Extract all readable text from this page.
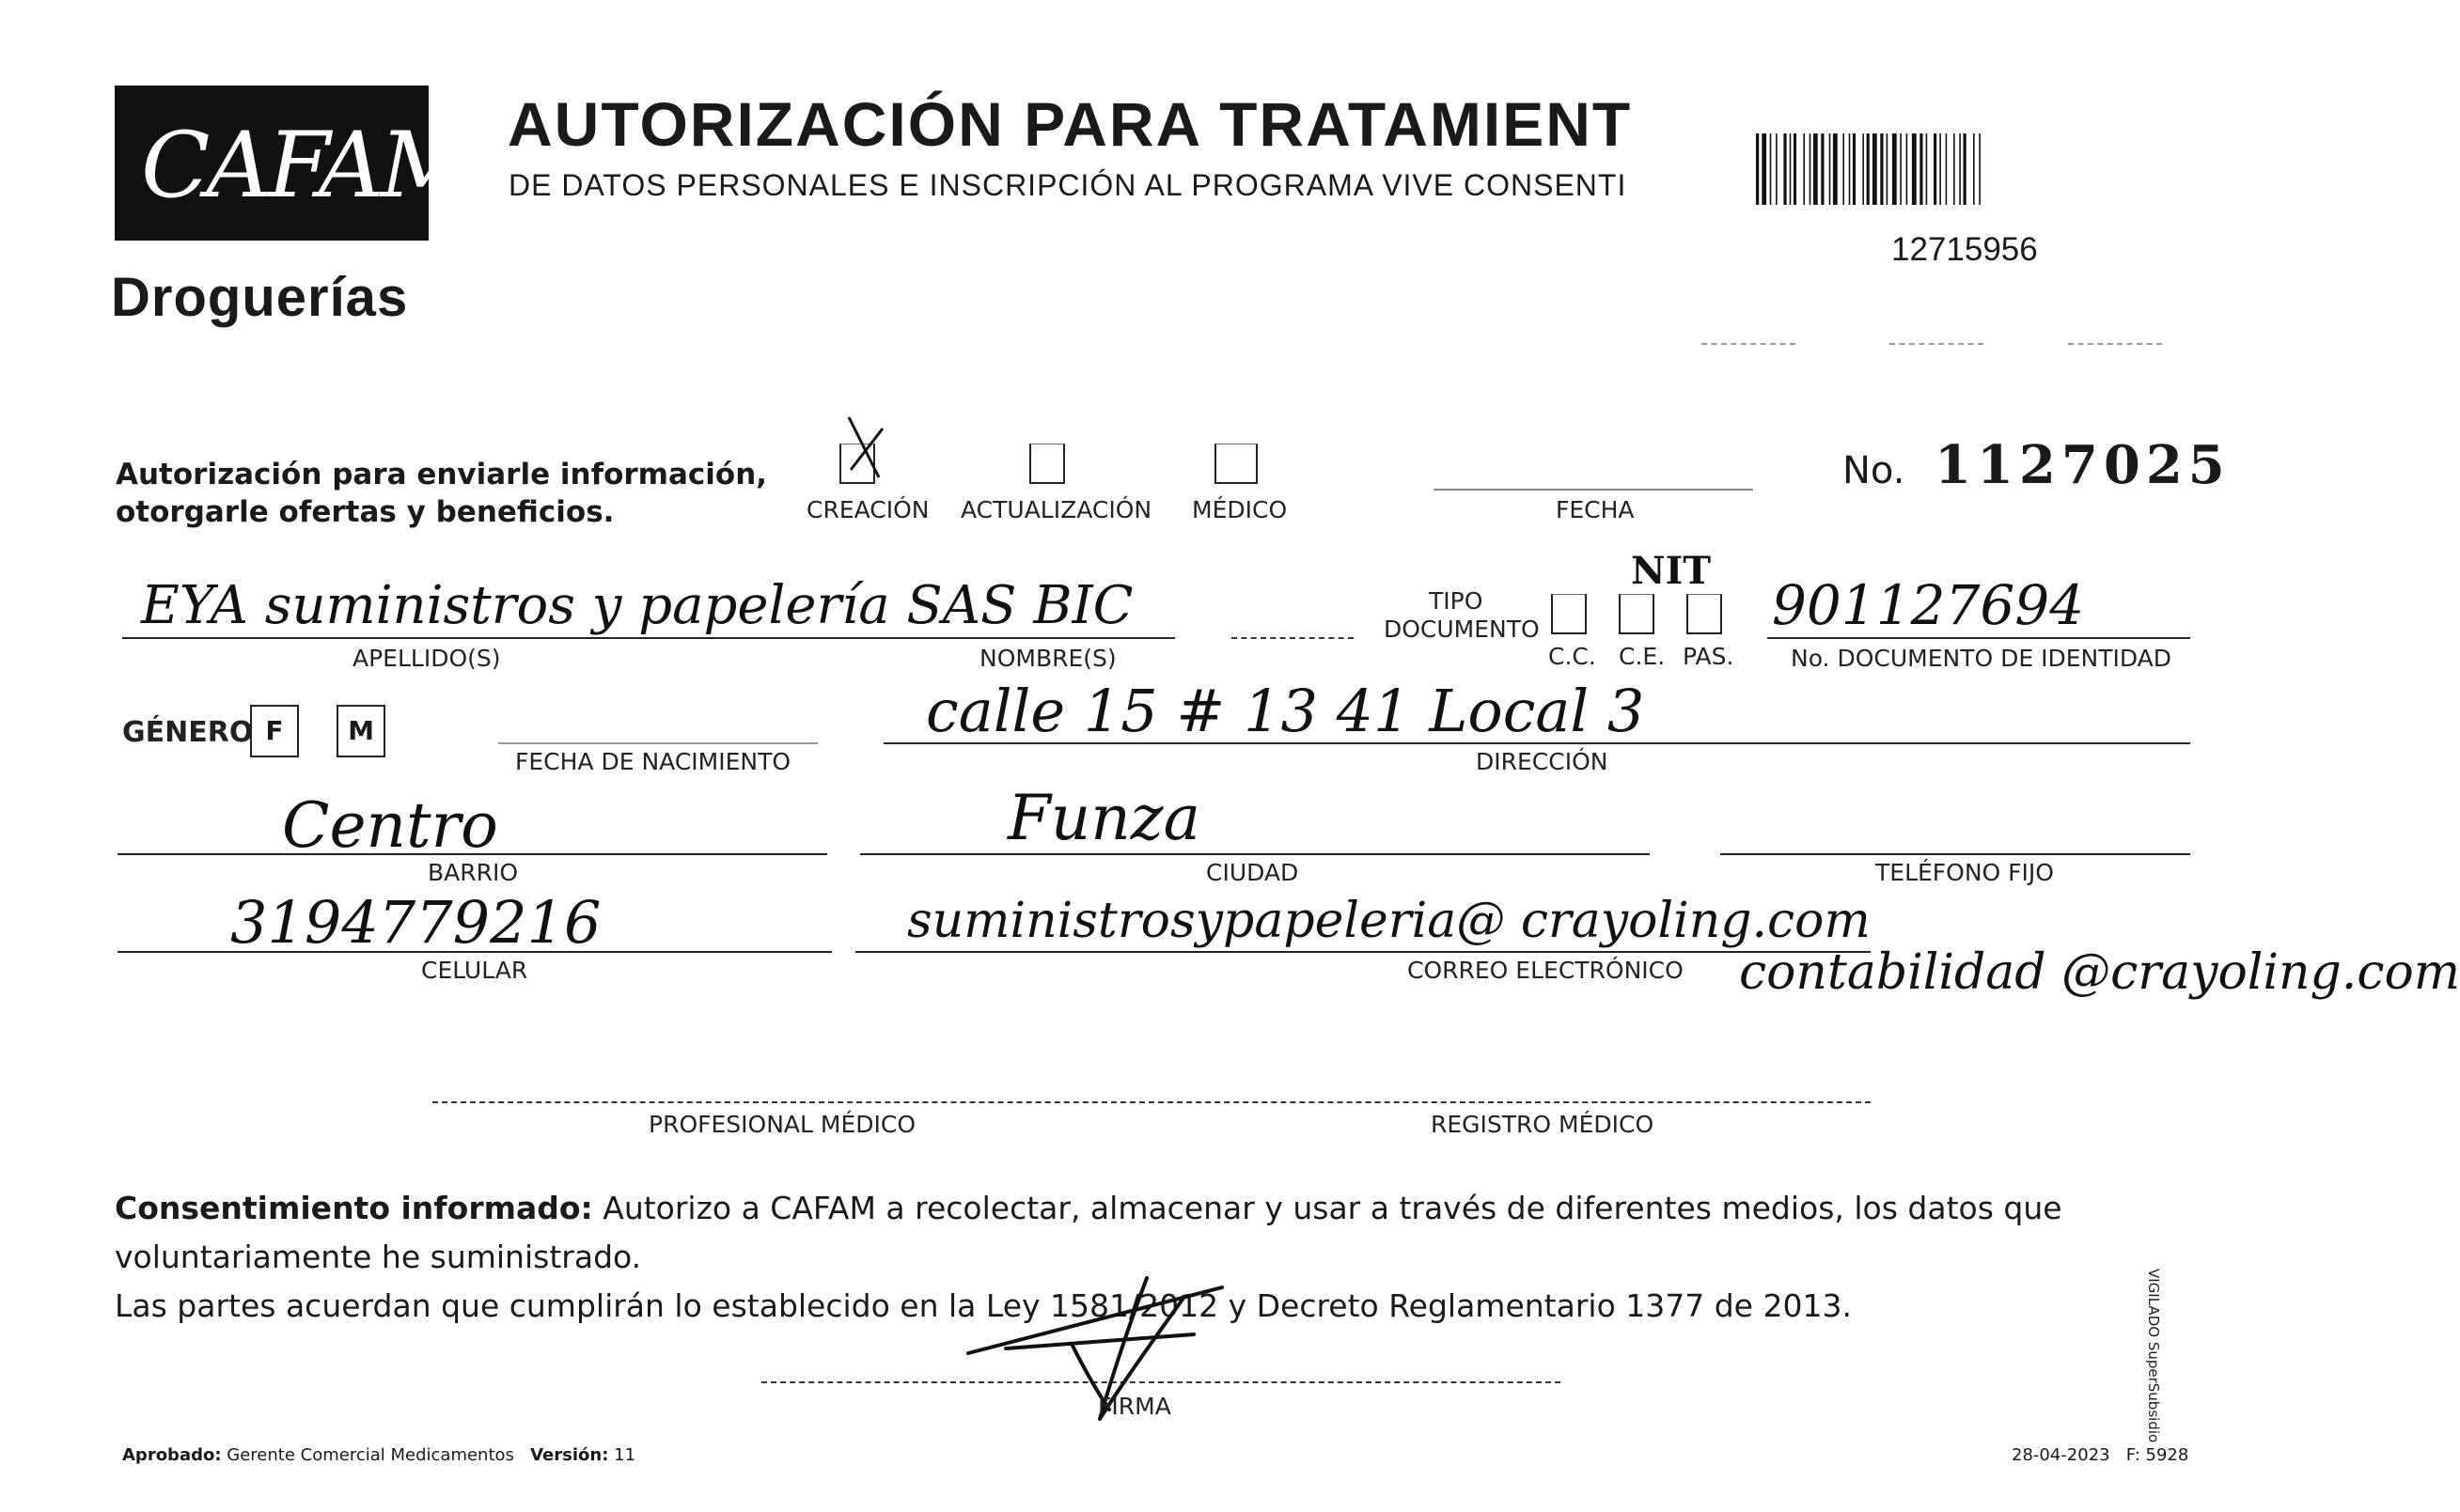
CAFAM
Droguerías
AUTORIZACIÓN PARA TRATAMIENT
DE DATOS PERSONALES E INSCRIPCIÓN AL PROGRAMA VIVE CONSENTI
12715956
Autorización para enviarle información,
otorgarle ofertas y beneficios.	CREACIÓN ACTUALIZACIÓN MÉDICO	FECHA
No. 1127025
EYA suministros y papelería SAS BIC
APELLIDO(S)	NOMBRE(S)
TIPO
DOCUMENTO
NIT
C.C. C.E. PAS.
901127694
No. DOCUMENTO DE IDENTIDAD
GÉNERO F	M
FECHA DE NACIMIENTO
calle 15 # 13 41 Local 3
DIRECCIÓN
Centro
BARRIO
Funza
CIUDAD	TELÉFONO FIJO
3194779216
CELULAR
suministrosypapeleria@ crayoling.com
CORREO ELECTRÓNICO contabilidad @crayoling.com
PROFESIONAL MÉDICO	REGISTRO MÉDICO
Consentimiento informado: Autorizo a CAFAM a recolectar, almacenar y usar a través de diferentes medios, los datos que voluntariamente he suministrado.
Las partes acuerdan que cumplirán lo establecido en la Ley 1581/2012 y Decreto Reglamentario 1377 de 2013.
FIRMA
Aprobado: Gerente Comercial Medicamentos Versión: 11	28-04-2023 F: 5928
VIGILADO SuperSubsidio
